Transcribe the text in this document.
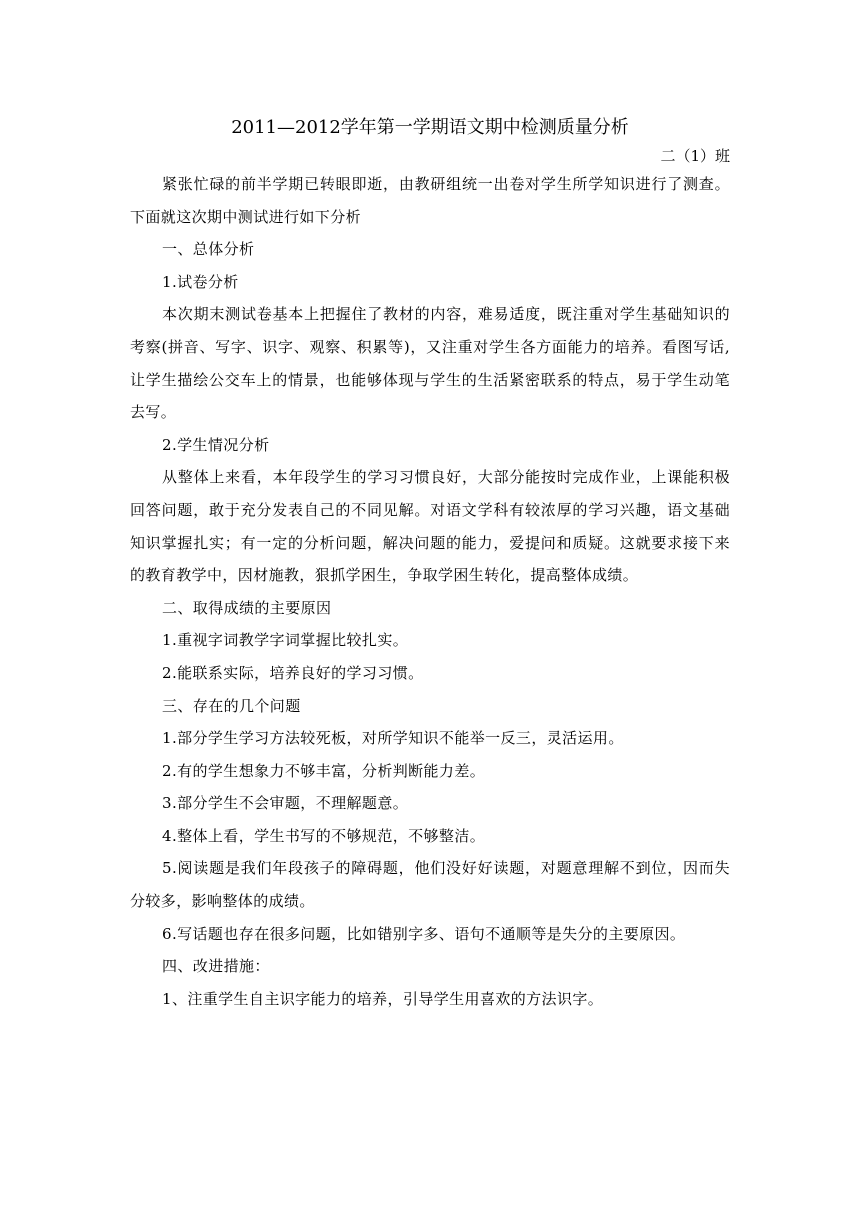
2011—2012学年第一学期语文期中检测质量分析

二（1）班

紧张忙碌的前半学期已转眼即逝，由教研组统一出卷对学生所学知识进行了测查。下面就这次期中测试进行如下分析

一、总体分析

1.试卷分析

本次期末测试卷基本上把握住了教材的内容，难易适度，既注重对学生基础知识的考察(拼音、写字、识字、观察、积累等)，又注重对学生各方面能力的培养。看图写话, 让学生描绘公交车上的情景，也能够体现与学生的生活紧密联系的特点，易于学生动笔去写。

2.学生情况分析

从整体上来看，本年段学生的学习习惯良好，大部分能按时完成作业，上课能积极回答问题，敢于充分发表自己的不同见解。对语文学科有较浓厚的学习兴趣，语文基础知识掌握扎实；有一定的分析问题，解决问题的能力，爱提问和质疑。这就要求接下来的教育教学中，因材施教，狠抓学困生，争取学困生转化，提高整体成绩。

二、取得成绩的主要原因

1.重视字词教学字词掌握比较扎实。

2.能联系实际，培养良好的学习习惯。

三、存在的几个问题

1.部分学生学习方法较死板，对所学知识不能举一反三，灵活运用。

2.有的学生想象力不够丰富，分析判断能力差。

3.部分学生不会审题，不理解题意。

4.整体上看，学生书写的不够规范，不够整洁。

5.阅读题是我们年段孩子的障碍题，他们没好好读题，对题意理解不到位，因而失分较多，影响整体的成绩。

6.写话题也存在很多问题，比如错别字多、语句不通顺等是失分的主要原因。

四、改进措施：

1、注重学生自主识字能力的培养，引导学生用喜欢的方法识字。
